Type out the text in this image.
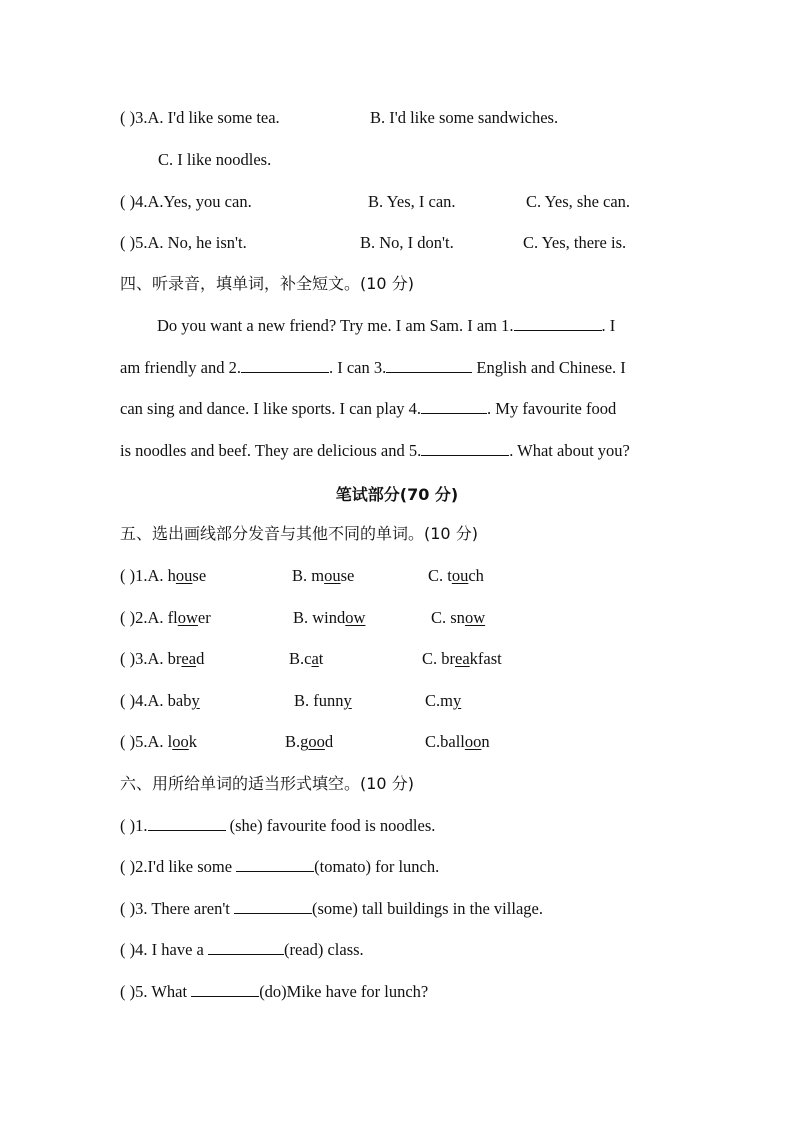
( )3.A. I'd like some tea.	B. I'd like some sandwiches.
C. I like noodles.
( )4.A.Yes, you can.	B. Yes, I can.	C. Yes, she can.
( )5.A. No, he isn't.	B. No, I don't.	C. Yes, there is.
四、听录音，填单词，补全短文。(10 分)
Do you want a new friend? Try me. I am Sam. I am 1.	. I
am friendly and 2.	. I can 3.	English and Chinese. I
can sing and dance. I like sports. I can play 4.	. My favourite food
is noodles and beef. They are delicious and 5.	. What about you?
笔试部分(70 分)
五、选出画线部分发音与其他不同的单词。(10 分)
( )1.A. house	B. mouse	C. touch
( )2.A. flower	B. window	C. snow
( )3.A. bread	B.cat	C. breakfast
( )4.A. baby	B. funny	C.my
( )5.A. look	B.good	C.balloon
六、用所给单词的适当形式填空。(10 分)
( )1.	(she) favourite food is noodles.
( )2.I'd like some	(tomato) for lunch.
( )3. There aren't	(some) tall buildings in the village.
( )4. I have a	(read) class.
( )5. What	(do)Mike have for lunch?
